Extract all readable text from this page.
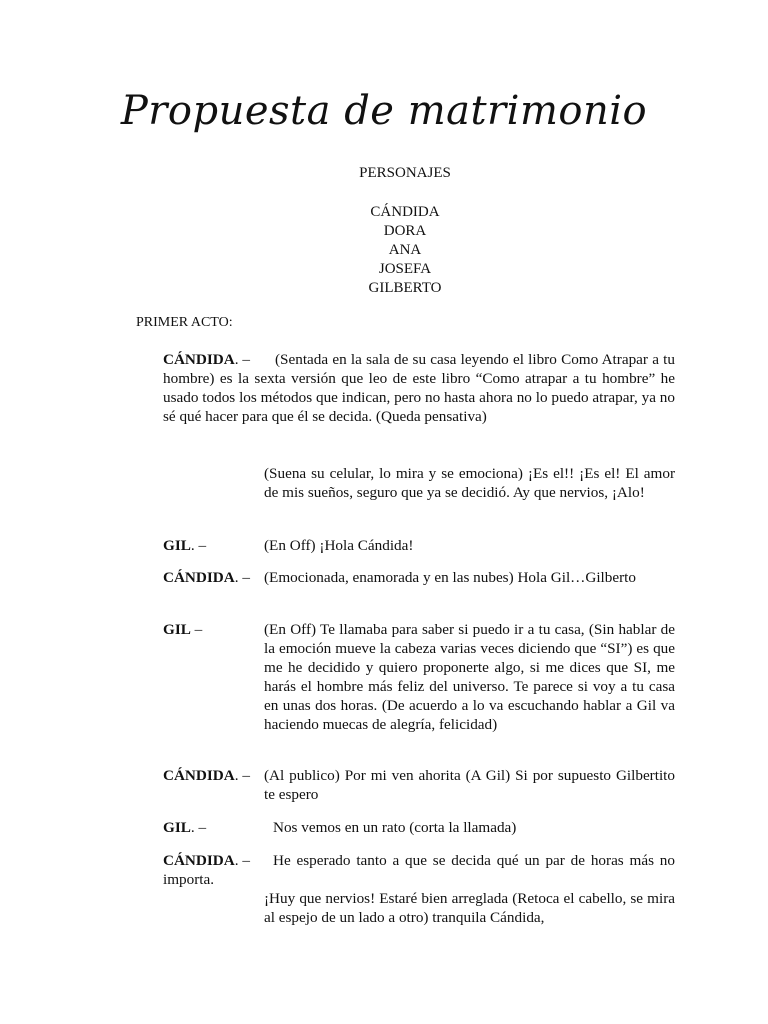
Propuesta de matrimonio
PERSONAJES
CÁNDIDA
DORA
ANA
JOSEFA
GILBERTO
PRIMER ACTO:
CÁNDIDA. –	(Sentada en la sala de su casa leyendo el libro Como Atrapar a tu hombre) es la sexta versión que leo de este libro “Como atrapar a tu hombre” he usado todos los métodos que indican, pero no hasta ahora no lo puedo atrapar, ya no sé qué hacer para que él se decida. (Queda pensativa)
GIL. –	(En Off) ¡Hola Cándida!
CÁNDIDA. – (Emocionada, enamorada y en las nubes) Hola Gil…Gilberto
GIL –	(En Off) Te llamaba para saber si puedo ir a tu casa, (Sin hablar de la emoción mueve la cabeza varias veces diciendo que “SI”) es que me he decidido y quiero proponerte algo, si me dices que SI, me harás el hombre más feliz del universo. Te parece si voy a tu casa en unas dos horas. (De acuerdo a lo va escuchando hablar a Gil va haciendo muecas de alegría, felicidad)
CÁNDIDA. – (Al publico) Por mi ven ahorita (A Gil) Si por supuesto Gilbertito te espero
GIL. –	Nos vemos en un rato (corta la llamada)
CÁNDIDA. –	He esperado tanto a que se decida qué un par de horas más no importa.
(Suena su celular, lo mira y se emociona) ¡Es el!! ¡Es el! El amor de mis sueños, seguro que ya se decidió. Ay que nervios, ¡Alo!
¡Huy que nervios! Estaré bien arreglada (Retoca el cabello, se mira al espejo de un lado a otro) tranquila Cándida,
